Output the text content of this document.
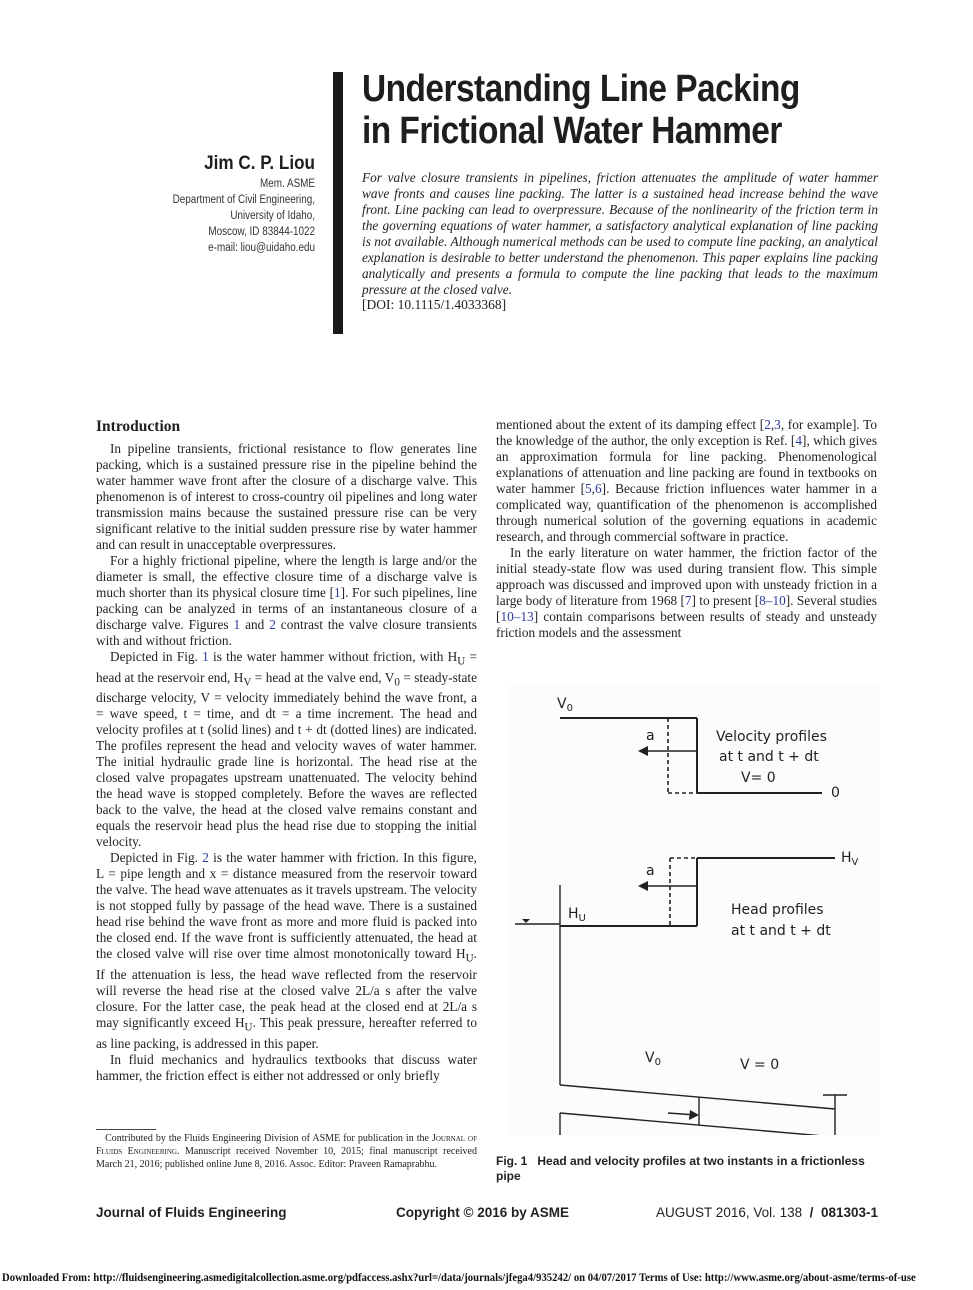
Understanding Line Packing
in Frictional Water Hammer
Jim C. P. Liou
Mem. ASME
Department of Civil Engineering,
University of Idaho,
Moscow, ID 83844-1022
e-mail: liou@uidaho.edu
For valve closure transients in pipelines, friction attenuates the amplitude of water hammer wave fronts and causes line packing. The latter is a sustained head increase behind the wave front. Line packing can lead to overpressure. Because of the nonlinearity of the friction term in the governing equations of water hammer, a satisfactory analytical explanation of line packing is not available. Although numerical methods can be used to compute line packing, an analytical explanation is desirable to better understand the phenomenon. This paper explains line packing analytically and presents a formula to compute the line packing that leads to the maximum pressure at the closed valve.
[DOI: 10.1115/1.4033368]
Introduction

In pipeline transients, frictional resistance to flow generates line packing, which is a sustained pressure rise in the pipeline behind the water hammer wave front after the closure of a discharge valve. This phenomenon is of interest to cross-country oil pipelines and long water transmission mains because the sustained pressure rise can be very significant relative to the initial sudden pressure rise by water hammer and can result in unacceptable overpressures.

For a highly frictional pipeline, where the length is large and/or the diameter is small, the effective closure time of a discharge valve is much shorter than its physical closure time [1]. For such pipelines, line packing can be analyzed in terms of an instantaneous closure of a discharge valve. Figures 1 and 2 contrast the valve closure transients with and without friction.

Depicted in Fig. 1 is the water hammer without friction, with $H_U$ = head at the reservoir end, $H_V$ = head at the valve end, $V_0$ = steady-state discharge velocity, V = velocity immediately behind the wave front, a = wave speed, t = time, and dt = a time increment. The head and velocity profiles at t (solid lines) and t + dt (dotted lines) are indicated. The profiles represent the head and velocity waves of water hammer. The initial hydraulic grade line is horizontal. The head rise at the closed valve propagates upstream unattenuated. The velocity behind the head wave is stopped completely. Before the waves are reflected back to the valve, the head at the closed valve remains constant and equals the reservoir head plus the head rise due to stopping the initial velocity.

Depicted in Fig. 2 is the water hammer with friction. In this figure, L = pipe length and x = distance measured from the reservoir toward the valve. The head wave attenuates as it travels upstream. The velocity is not stopped fully by passage of the head wave. There is a sustained head rise behind the wave front as more and more fluid is packed into the closed end. If the wave front is sufficiently attenuated, the head at the closed valve will rise over time almost monotonically toward $H_U$. If the attenuation is less, the head wave reflected from the reservoir will reverse the head rise at the closed valve 2L/a s after the valve closure. For the latter case, the peak head at the closed end at 2L/a s may significantly exceed $H_U$. This peak pressure, hereafter referred to as line packing, is addressed in this paper.

In fluid mechanics and hydraulics textbooks that discuss water hammer, the friction effect is either not addressed or only briefly

Contributed by the Fluids Engineering Division of ASME for publication in the Journal of Fluids Engineering. Manuscript received November 10, 2015; final manuscript received March 21, 2016; published online June 8, 2016. Assoc. Editor: Praveen Ramaprabhu.

mentioned about the extent of its damping effect [2,3, for example]. To the knowledge of the author, the only exception is Ref. [4], which gives an approximation formula for line packing. Phenomenological explanations of attenuation and line packing are found in textbooks on water hammer [5,6]. Because friction influences water hammer in a complicated way, quantification of the phenomenon is accomplished through numerical solution of the governing equations in academic research, and through commercial software in practice.

In the early literature on water hammer, the friction factor of the initial steady-state flow was used during transient flow. This simple approach was discussed and improved upon with unsteady friction in a large body of literature from 1968 [7] to present [8–10]. Several studies [10–13] contain comparisons between results of steady and unsteady friction models and the assessment

$V_0$
a	Velocity profiles
at t and t + dt
V= 0
0
$H_V$
a
$H_U$
Head profiles
at t and t + dt
$V_0$	V = 0
Fig. 1 Head and velocity profiles at two instants in a frictionless pipe
Journal of Fluids Engineering	Copyright © 2016 by ASME	AUGUST 2016, Vol. 138 / 081303-1
Downloaded From: http://fluidsengineering.asmedigitalcollection.asme.org/pdfaccess.ashx?url=/data/journals/jfega4/935242/ on 04/07/2017 Terms of Use: http://www.asme.org/about-asme/terms-of-use
